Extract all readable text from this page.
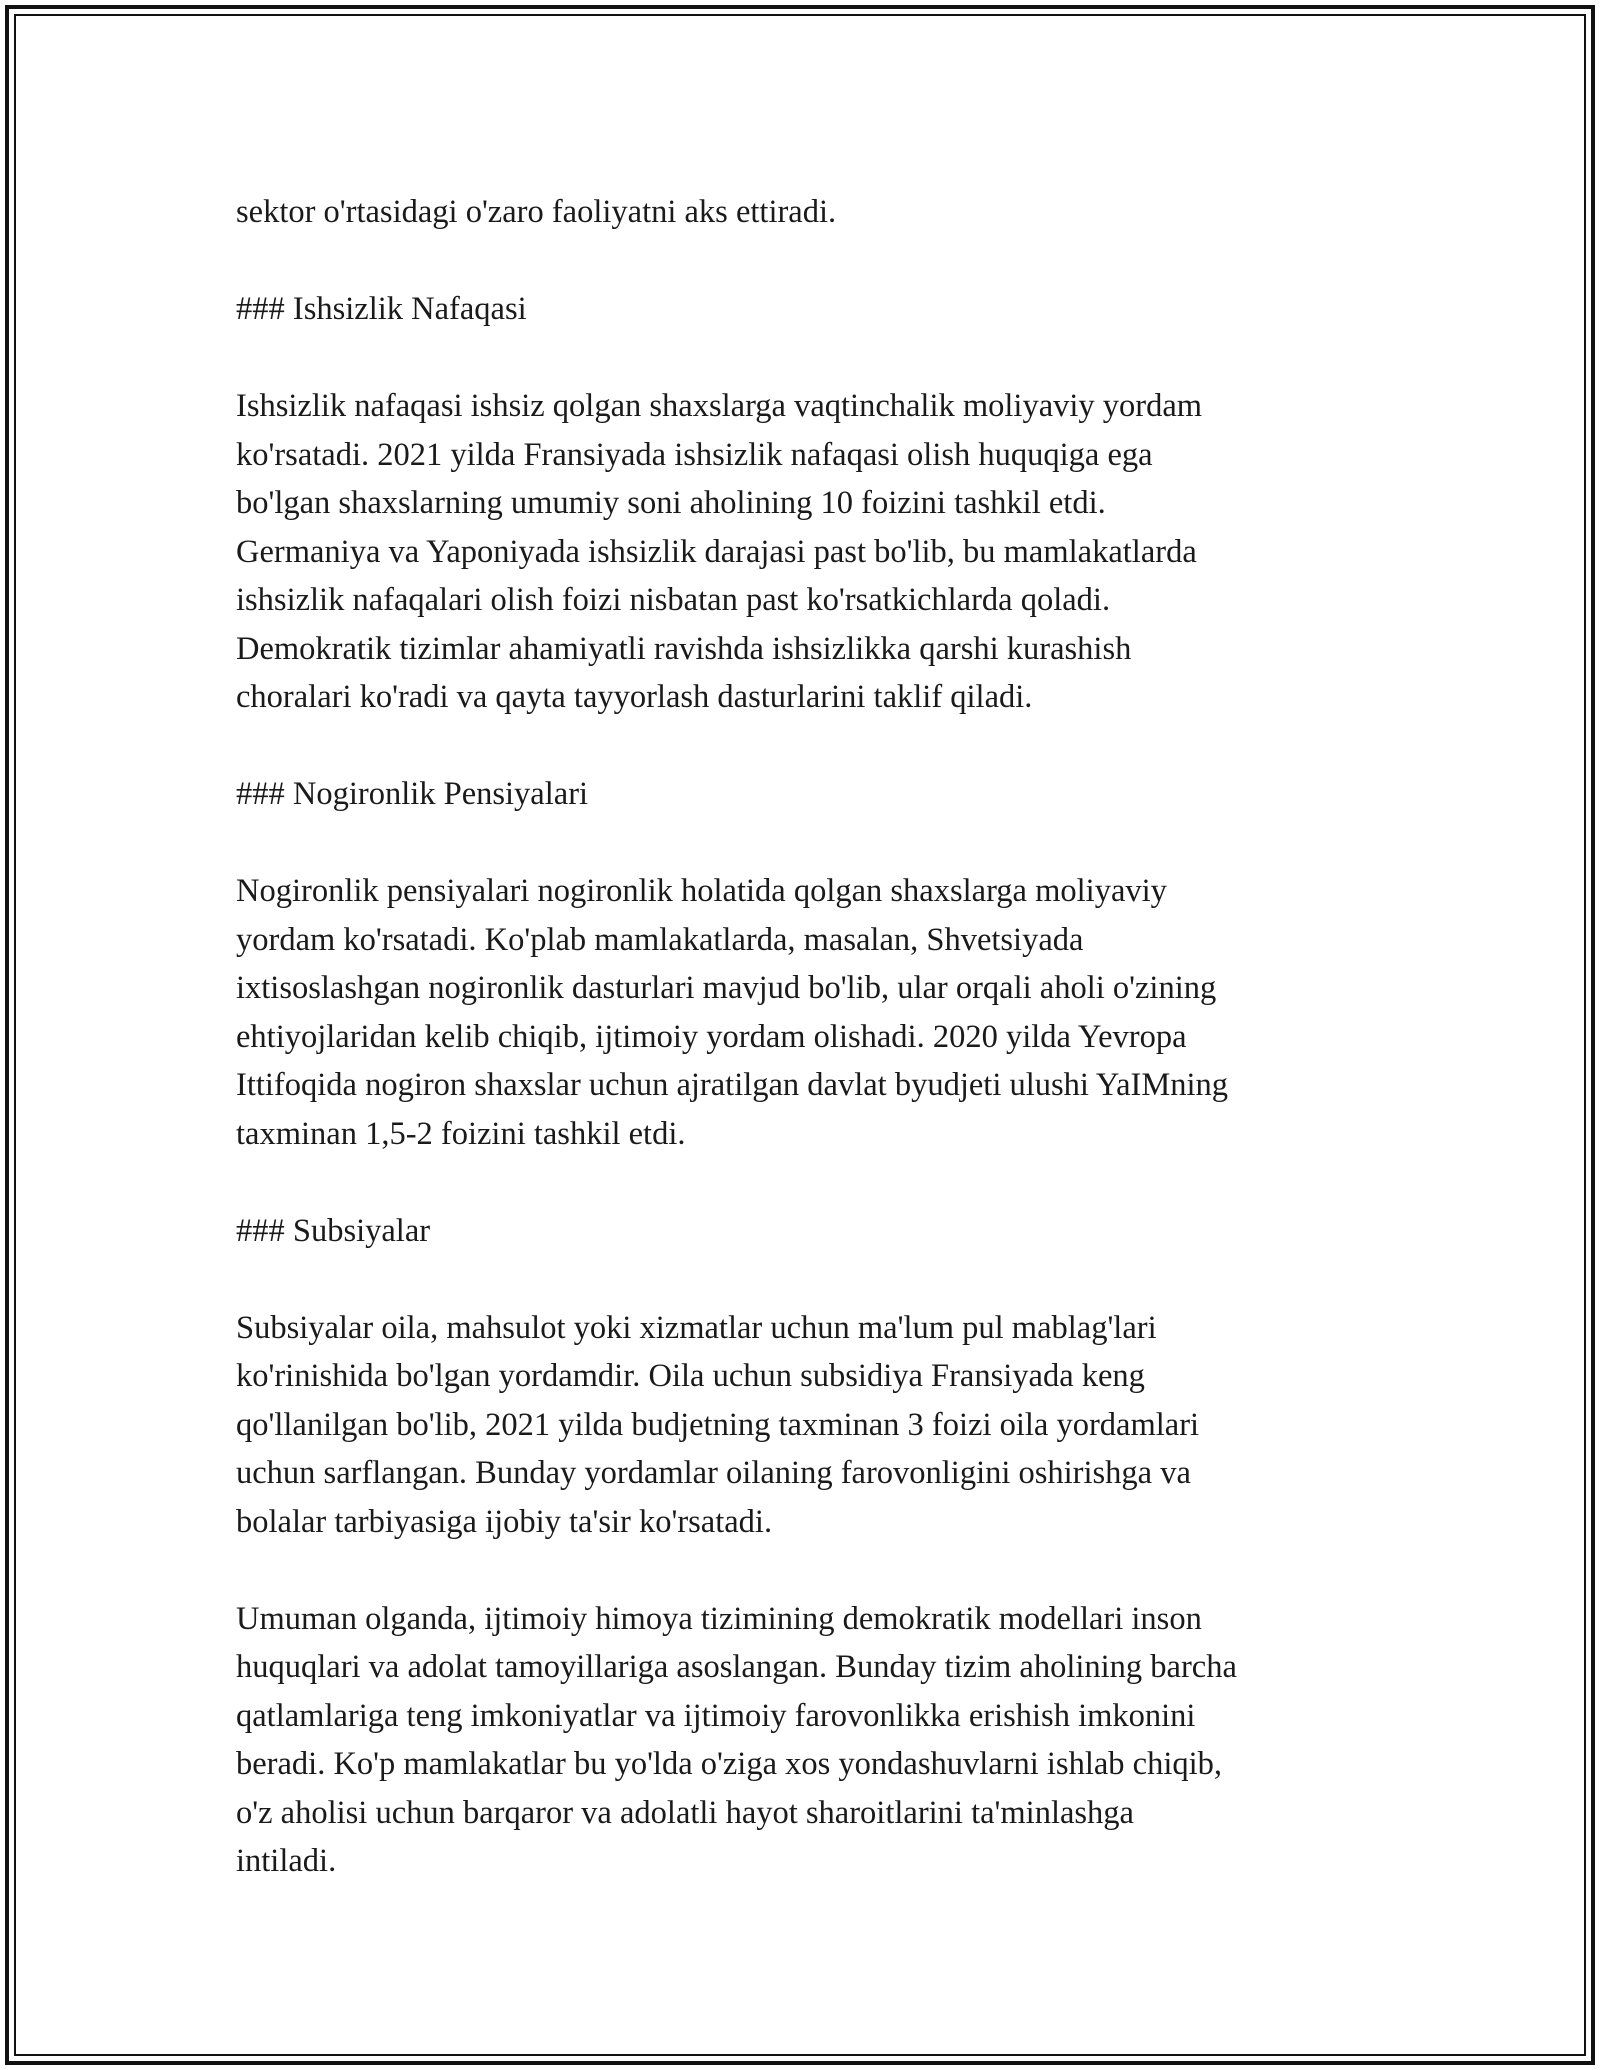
sektor o'rtasidagi o'zaro faoliyatni aks ettiradi.

### Ishsizlik Nafaqasi

Ishsizlik nafaqasi ishsiz qolgan shaxslarga vaqtinchalik moliyaviy yordam
ko'rsatadi. 2021 yilda Fransiyada ishsizlik nafaqasi olish huquqiga ega
bo'lgan shaxslarning umumiy soni aholining 10 foizini tashkil etdi.
Germaniya va Yaponiyada ishsizlik darajasi past bo'lib, bu mamlakatlarda
ishsizlik nafaqalari olish foizi nisbatan past ko'rsatkichlarda qoladi.
Demokratik tizimlar ahamiyatli ravishda ishsizlikka qarshi kurashish
choralari ko'radi va qayta tayyorlash dasturlarini taklif qiladi.

### Nogironlik Pensiyalari

Nogironlik pensiyalari nogironlik holatida qolgan shaxslarga moliyaviy
yordam ko'rsatadi. Ko'plab mamlakatlarda, masalan, Shvetsiyada
ixtisoslashgan nogironlik dasturlari mavjud bo'lib, ular orqali aholi o'zining
ehtiyojlaridan kelib chiqib, ijtimoiy yordam olishadi. 2020 yilda Yevropa
Ittifoqida nogiron shaxslar uchun ajratilgan davlat byudjeti ulushi YaIMning
taxminan 1,5-2 foizini tashkil etdi.

### Subsiyalar

Subsiyalar oila, mahsulot yoki xizmatlar uchun ma'lum pul mablag'lari
ko'rinishida bo'lgan yordamdir. Oila uchun subsidiya Fransiyada keng
qo'llanilgan bo'lib, 2021 yilda budjetning taxminan 3 foizi oila yordamlari
uchun sarflangan. Bunday yordamlar oilaning farovonligini oshirishga va
bolalar tarbiyasiga ijobiy ta'sir ko'rsatadi.

Umuman olganda, ijtimoiy himoya tizimining demokratik modellari inson
huquqlari va adolat tamoyillariga asoslangan. Bunday tizim aholining barcha
qatlamlariga teng imkoniyatlar va ijtimoiy farovonlikka erishish imkonini
beradi. Ko'p mamlakatlar bu yo'lda o'ziga xos yondashuvlarni ishlab chiqib,
o'z aholisi uchun barqaror va adolatli hayot sharoitlarini ta'minlashga
intiladi.
